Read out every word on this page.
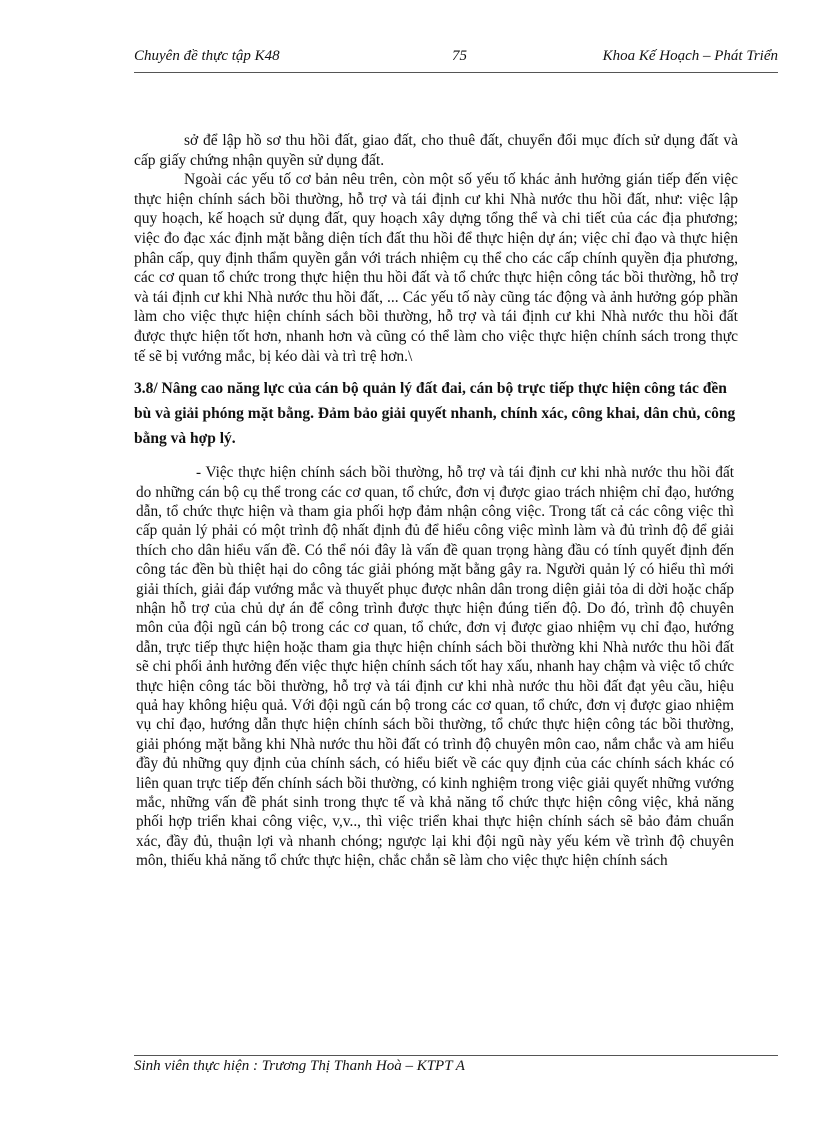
Chuyên đề thực tập K48	75	Khoa Kế Hoạch – Phát Triển

sở để lập hồ sơ thu hồi đất, giao đất, cho thuê đất, chuyển đổi mục đích sử dụng đất và cấp giấy chứng nhận quyền sử dụng đất.

Ngoài các yếu tố cơ bản nêu trên, còn một số yếu tố khác ảnh hưởng gián tiếp đến việc thực hiện chính sách bồi thường, hỗ trợ và tái định cư khi Nhà nước thu hồi đất, như: việc lập quy hoạch, kế hoạch sử dụng đất, quy hoạch xây dựng tổng thể và chi tiết của các địa phương; việc đo đạc xác định mặt bằng diện tích đất thu hồi để thực hiện dự án; việc chỉ đạo và thực hiện phân cấp, quy định thẩm quyền gắn với trách nhiệm cụ thể cho các cấp chính quyền địa phương, các cơ quan tổ chức trong thực hiện thu hồi đất và tổ chức thực hiện công tác bồi thường, hỗ trợ và tái định cư khi Nhà nước thu hồi đất, ... Các yếu tố này cũng tác động và ảnh hưởng góp phần làm cho việc thực hiện chính sách bồi thường, hỗ trợ và tái định cư khi Nhà nước thu hồi đất được thực hiện tốt hơn, nhanh hơn và cũng có thể làm cho việc thực hiện chính sách trong thực tế sẽ bị vướng mắc, bị kéo dài và trì trệ hơn.\

3.8/ Nâng cao năng lực của cán bộ quản lý đất đai, cán bộ trực tiếp thực hiện công tác đền bù và giải phóng mặt bằng. Đảm bảo giải quyết nhanh, chính xác, công khai, dân chủ, công bằng và hợp lý.

- Việc thực hiện chính sách bồi thường, hỗ trợ và tái định cư khi nhà nước thu hồi đất do những cán bộ cụ thể trong các cơ quan, tổ chức, đơn vị được giao trách nhiệm chỉ đạo, hướng dẫn, tổ chức thực hiện và tham gia phối hợp đảm nhận công việc. Trong tất cả các công việc thì cấp quản lý phải có một trình độ nhất định đủ để hiểu công việc mình làm và đủ trình độ để giải thích cho dân hiểu vấn đề. Có thể nói đây là vấn đề quan trọng hàng đầu có tính quyết định đến công tác đền bù thiệt hại do công tác giải phóng mặt bằng gây ra. Người quản lý có hiểu thì mới giải thích, giải đáp vướng mắc và thuyết phục được nhân dân trong diện giải tỏa di dời hoặc chấp nhận hỗ trợ của chủ dự án để công trình được thực hiện đúng tiến độ. Do đó, trình độ chuyên môn của đội ngũ cán bộ trong các cơ quan, tổ chức, đơn vị được giao nhiệm vụ chỉ đạo, hướng dẫn, trực tiếp thực hiện hoặc tham gia thực hiện chính sách bồi thường khi Nhà nước thu hồi đất sẽ chi phối ảnh hưởng đến việc thực hiện chính sách tốt hay xấu, nhanh hay chậm và việc tổ chức thực hiện công tác bồi thường, hỗ trợ và tái định cư khi nhà nước thu hồi đất đạt yêu cầu, hiệu quả hay không hiệu quả. Với đội ngũ cán bộ trong các cơ quan, tổ chức, đơn vị được giao nhiệm vụ chỉ đạo, hướng dẫn thực hiện chính sách bồi thường, tổ chức thực hiện công tác bồi thường, giải phóng mặt bằng khi Nhà nước thu hồi đất có trình độ chuyên môn cao, nắm chắc và am hiểu đầy đủ những quy định của chính sách, có hiểu biết về các quy định của các chính sách khác có liên quan trực tiếp đến chính sách bồi thường, có kinh nghiệm trong việc giải quyết những vướng mắc, những vấn đề phát sinh trong thực tế và khả năng tổ chức thực hiện công việc, khả năng phối hợp triển khai công việc, v,v.., thì việc triển khai thực hiện chính sách sẽ bảo đảm chuẩn xác, đầy đủ, thuận lợi và nhanh chóng; ngược lại khi đội ngũ này yếu kém về trình độ chuyên môn, thiếu khả năng tổ chức thực hiện, chắc chắn sẽ làm cho việc thực hiện chính sách

Sinh viên thực hiện : Trương Thị Thanh Hoà – KTPT A
